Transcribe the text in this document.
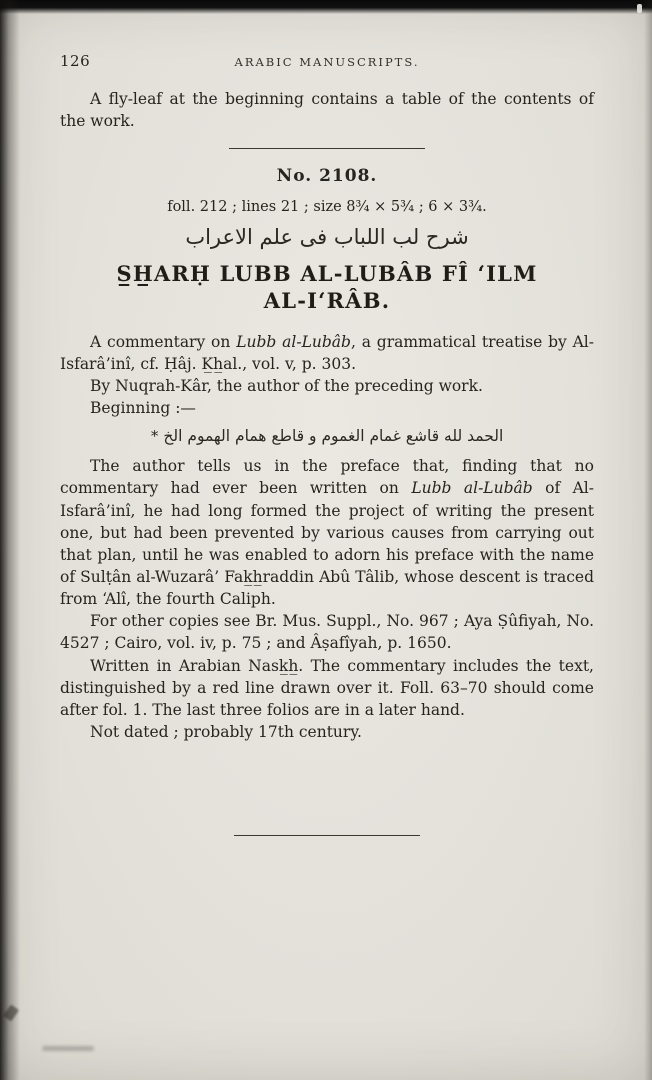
126	ARABIC MANUSCRIPTS.

A fly-leaf at the beginning contains a table of the contents of the work.

No. 2108.
foll. 212 ; lines 21 ; size 8¾ × 5¾ ; 6 × 3¾.
شرح لب اللباب فى علم الاعراب
S̲H̲ARḤ LUBB AL-LUBÂB FÎ ‘ILM
AL-I‘RÂB.

A commentary on Lubb al-Lubâb, a grammatical treatise by Al-Isfarâ’inî, cf. Ḥâj. K̲h̲al., vol. v, p. 303.

By Nuqrah-Kâr, the author of the preceding work.

Beginning :—

الحمد لله قاشع غمام الغموم و قاطع همام الهموم الخ *

The author tells us in the preface that, finding that no commentary had ever been written on Lubb al-Lubâb of Al-Isfarâ’inî, he had long formed the project of writing the present one, but had been prevented by various causes from carrying out that plan, until he was enabled to adorn his preface with the name of Sulṭân al-Wuzarâ’ Fak̲h̲raddin Abû Tâlib, whose descent is traced from ‘Alî, the fourth Caliph.

For other copies see Br. Mus. Suppl., No. 967 ; Aya Ṣûfiyah, No. 4527 ; Cairo, vol. iv, p. 75 ; and Âṣafîyah, p. 1650.

Written in Arabian Nask̲h̲. The commentary includes the text, distinguished by a red line drawn over it. Foll. 63–70 should come after fol. 1. The last three folios are in a later hand.

Not dated ; probably 17th century.
